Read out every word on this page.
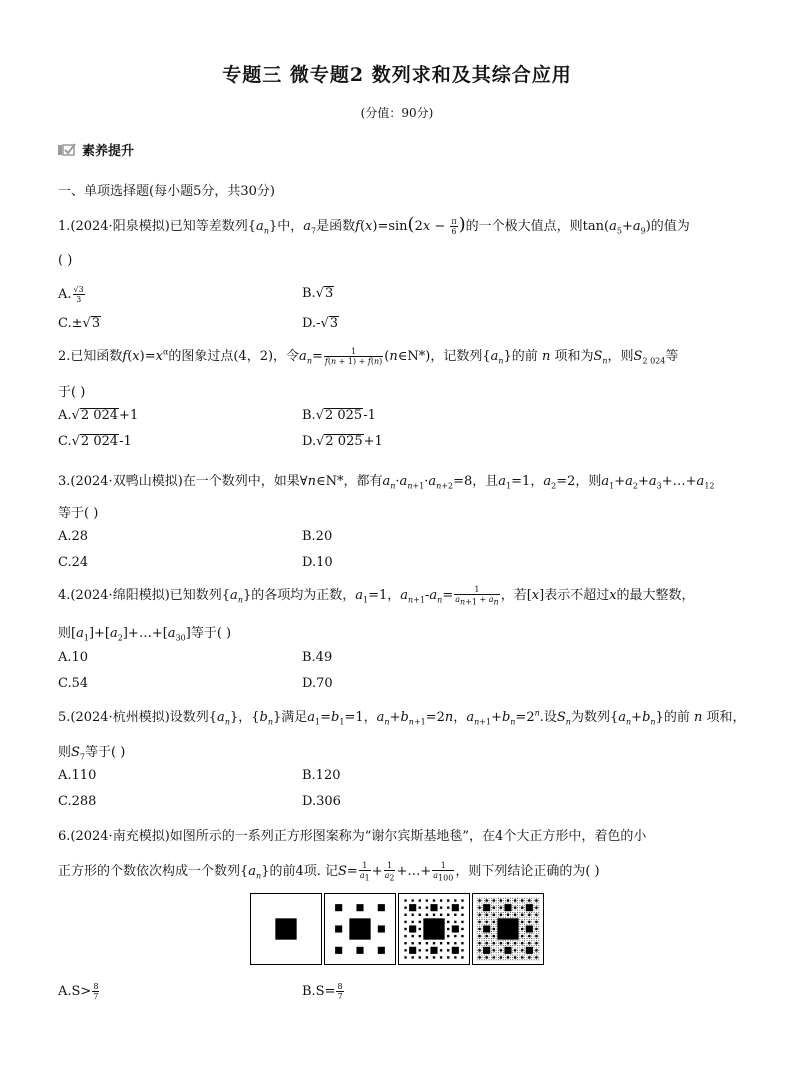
专题三 微专题2 数列求和及其综合应用
(分值：90分)
素养提升
一、单项选择题(每小题5分，共30分)
1.(2024·阳泉模拟)已知等差数列$\{a_n\}$中，$a_7$是函数$f(x)=\sin(2x - \frac{\pi}{6}$ )的一个极大值点，则$\tan(a_5+a_9)$的值为
( )
A. $\frac{√3}{3}$	B. √ 3
C.± √ 3	D.- √ 3
2.已知函数$f(x)=x^\alpha$的图象过点(4，2)，令$a_n= \frac{1}{f(n + 1) + f(n)}$ (n∈N*)，记数列$\{a_n\}$的前 n 项和为$S_n$，则$S_{2 024}$等
于( )
A. √ 2 024+1	B. √ 2 025-1
C. √ 2 024-1	D. √ 2 025+1
3.(2024·双鸭山模拟)在一个数列中，如果∀n∈N*，都有$a_n\cdot a_{n+1}\cdot a_{n+2}=8$，且$a_1=1$，$a_2=2$，则$a_1+a_2+a_3+\dots+a_{12}$
等于( )
A.28	B.20
C.24	D.10
4.(2024·绵阳模拟)已知数列$\{a_n\}$的各项均为正数，$a_1=1$，$a_{n+1}-a_n= \frac{1}{a_{n+1} + a_n}$ ，若[x]表示不超过x的最大整数，
则$[a_1]+[a_2]+\dots+[a_{30}]$等于( )
A.10	B.49
C.54	D.70
5.(2024·杭州模拟)设数列$\{a_n\}$，$\{b_n\}$满足$a_1=b_1=1$，$a_n+b_{n+1}=2n$，$a_{n+1}+b_n=2^n$.设$S_n$为数列$\{a_n+b_n\}$的前 n 项和，
则$S_7$等于( )
A.110	B.120
C.288	D.306
6.(2024·南充模拟)如图所示的一系列正方形图案称为“谢尔宾斯基地毯”，在4个大正方形中，着色的小
正方形的个数依次构成一个数列$\{a_n\}$的前4项. 记$S= \frac{1}{a_1} + \frac{1}{a_2}$ +…+ $\frac{1}{a_{100}}$ ，则下列结论正确的为( )
$A.S> \frac{8}{7}$	$B.S= \frac{8}{7}$
